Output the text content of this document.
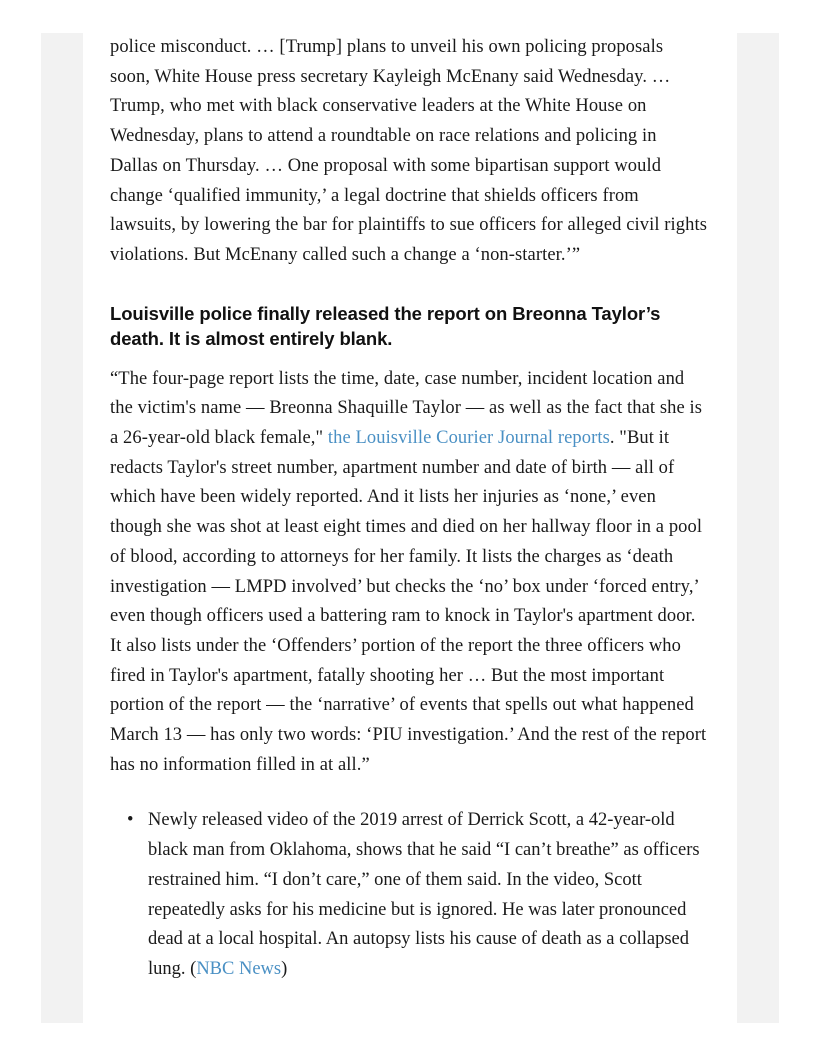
police misconduct. … [Trump] plans to unveil his own policing proposals soon, White House press secretary Kayleigh McEnany said Wednesday. … Trump, who met with black conservative leaders at the White House on Wednesday, plans to attend a roundtable on race relations and policing in Dallas on Thursday. … One proposal with some bipartisan support would change ‘qualified immunity,’ a legal doctrine that shields officers from lawsuits, by lowering the bar for plaintiffs to sue officers for alleged civil rights violations. But McEnany called such a change a ‘non-starter.’”

Louisville police finally released the report on Breonna Taylor’s death. It is almost entirely blank.

“The four-page report lists the time, date, case number, incident location and the victim's name — Breonna Shaquille Taylor — as well as the fact that she is a 26-year-old black female," the Louisville Courier Journal reports. "But it redacts Taylor's street number, apartment number and date of birth — all of which have been widely reported. And it lists her injuries as ‘none,’ even though she was shot at least eight times and died on her hallway floor in a pool of blood, according to attorneys for her family. It lists the charges as ‘death investigation — LMPD involved’ but checks the ‘no’ box under ‘forced entry,’ even though officers used a battering ram to knock in Taylor's apartment door. It also lists under the ‘Offenders’ portion of the report the three officers who fired in Taylor's apartment, fatally shooting her … But the most important portion of the report — the ‘narrative’ of events that spells out what happened March 13 — has only two words: ‘PIU investigation.’ And the rest of the report has no information filled in at all.”

• Newly released video of the 2019 arrest of Derrick Scott, a 42-year-old black man from Oklahoma, shows that he said “I can’t breathe” as officers restrained him. “I don’t care,” one of them said. In the video, Scott repeatedly asks for his medicine but is ignored. He was later pronounced dead at a local hospital. An autopsy lists his cause of death as a collapsed lung. (NBC News)
